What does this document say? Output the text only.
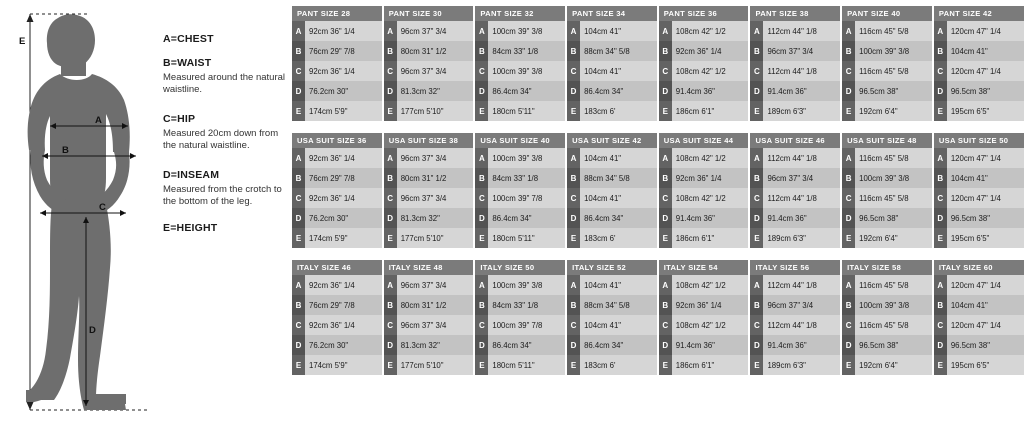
E
A
B
C
D

A=CHEST

B=WAIST

Measured around the natural waistline.

C=HIP

Measured 20cm down from the natural waistline.

D=INSEAM

Measured from the crotch to the bottom of the leg.

E=HEIGHT

PANT SIZE 28
A 92cm 36" 1/4
B 76cm 29" 7/8
C 92cm 36" 1/4
D 76.2cm 30"
E	174cm 5'9"
PANT SIZE 30
A 96cm 37" 3/4
B 80cm 31" 1/2
C 96cm 37" 3/4
D 81.3cm 32"
E	177cm 5'10"
PANT SIZE 32
A 100cm 39" 3/8
B 84cm 33" 1/8
C 100cm 39" 3/8
D 86.4cm 34"
E	180cm 5'11"
PANT SIZE 34
A 104cm 41"
B 88cm 34" 5/8
C 104cm 41"
D 86.4cm 34"
E	183cm 6'
PANT SIZE 36
A 108cm 42" 1/2
B 92cm 36" 1/4
C 108cm 42" 1/2
D 91.4cm 36"
E	186cm 6'1"
PANT SIZE 38
A 112cm 44" 1/8
B 96cm 37" 3/4
C 112cm 44" 1/8
D 91.4cm 36"
E	189cm 6'3"
PANT SIZE 40
A 116cm 45" 5/8
B 100cm 39" 3/8
C 116cm 45" 5/8
D 96.5cm 38"
E	192cm 6'4"
PANT SIZE 42
A 120cm 47" 1/4
B 104cm 41"
C 120cm 47" 1/4
D 96.5cm 38"
E	195cm 6'5"
USA SUIT SIZE 36
A 92cm 36" 1/4
B 76cm 29" 7/8
C 92cm 36" 1/4
D 76.2cm 30"
E	174cm 5'9"
USA SUIT SIZE 38
A 96cm 37" 3/4
B 80cm 31" 1/2
C 96cm 37" 3/4
D 81.3cm 32"
E	177cm 5'10"
USA SUIT SIZE 40
A 100cm 39" 3/8
B 84cm 33" 1/8
C 100cm 39" 7/8
D 86.4cm 34"
E	180cm 5'11"
USA SUIT SIZE 42
A 104cm 41"
B 88cm 34" 5/8
C 104cm 41"
D 86.4cm 34"
E	183cm 6'
USA SUIT SIZE 44
A 108cm 42" 1/2
B 92cm 36" 1/4
C 108cm 42" 1/2
D 91.4cm 36"
E	186cm 6'1"
USA SUIT SIZE 46
A 112cm 44" 1/8
B 96cm 37" 3/4
C 112cm 44" 1/8
D 91.4cm 36"
E	189cm 6'3"
USA SUIT SIZE 48
A 116cm 45" 5/8
B 100cm 39" 3/8
C 116cm 45" 5/8
D 96.5cm 38"
E	192cm 6'4"
USA SUIT SIZE 50
A 120cm 47" 1/4
B 104cm 41"
C 120cm 47" 1/4
D 96.5cm 38"
E	195cm 6'5"
ITALY SIZE 46
A 92cm 36" 1/4
B 76cm 29" 7/8
C 92cm 36" 1/4
D 76.2cm 30"
E	174cm 5'9"
ITALY SIZE 48
A 96cm 37" 3/4
B 80cm 31" 1/2
C 96cm 37" 3/4
D 81.3cm 32"
E	177cm 5'10"
ITALY SIZE 50
A 100cm 39" 3/8
B 84cm 33" 1/8
C 100cm 39" 7/8
D 86.4cm 34"
E	180cm 5'11"
ITALY SIZE 52
A 104cm 41"
B 88cm 34" 5/8
C 104cm 41"
D 86.4cm 34"
E	183cm 6'
ITALY SIZE 54
A 108cm 42" 1/2
B 92cm 36" 1/4
C 108cm 42" 1/2
D 91.4cm 36"
E	186cm 6'1"
ITALY SIZE 56
A 112cm 44" 1/8
B 96cm 37" 3/4
C 112cm 44" 1/8
D 91.4cm 36"
E	189cm 6'3"
ITALY SIZE 58
A 116cm 45" 5/8
B 100cm 39" 3/8
C 116cm 45" 5/8
D 96.5cm 38"
E	192cm 6'4"
ITALY SIZE 60
A 120cm 47" 1/4
B 104cm 41"
C 120cm 47" 1/4
D 96.5cm 38"
E	195cm 6'5"
